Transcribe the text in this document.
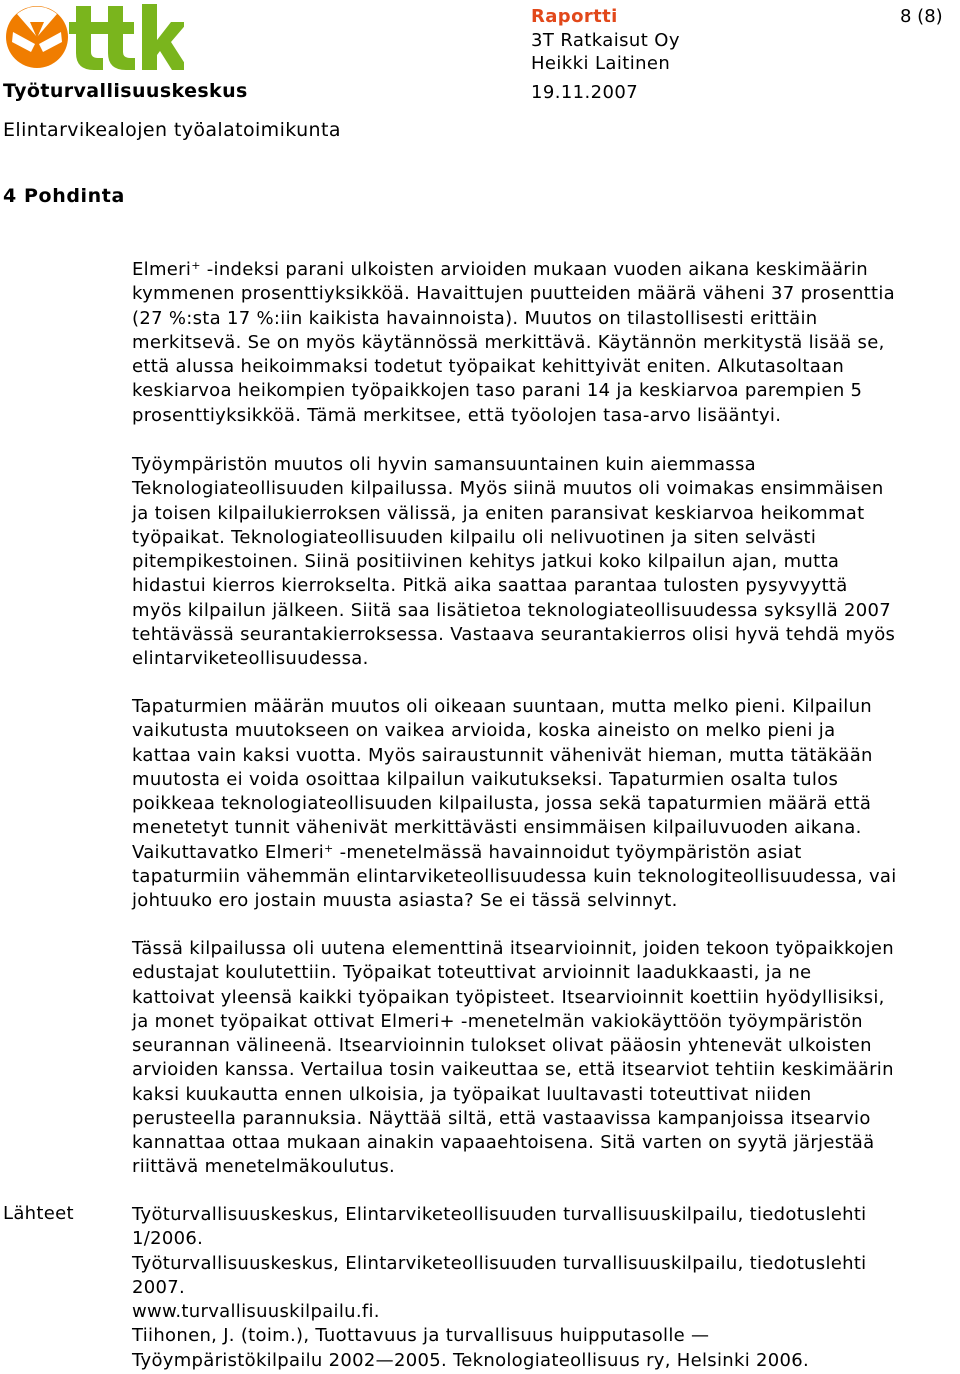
Työturvallisuuskeskus
Elintarvikealojen työalatoimikunta
Raportti
3T Ratkaisut Oy
Heikki Laitinen
19.11.2007
8 (8)
4 Pohdinta
Elmeri+ -indeksi parani ulkoisten arvioiden mukaan vuoden aikana keskimäärin
kymmenen prosenttiyksikköä. Havaittujen puutteiden määrä väheni 37 prosenttia
(27 %:sta 17 %:iin kaikista havainnoista). Muutos on tilastollisesti erittäin
merkitsevä. Se on myös käytännössä merkittävä. Käytännön merkitystä lisää se,
että alussa heikoimmaksi todetut työpaikat kehittyivät eniten. Alkutasoltaan
keskiarvoa heikompien työpaikkojen taso parani 14 ja keskiarvoa parempien 5
prosenttiyksikköä. Tämä merkitsee, että työolojen tasa-arvo lisääntyi.
Työympäristön muutos oli hyvin samansuuntainen kuin aiemmassa
Teknologiateollisuuden kilpailussa. Myös siinä muutos oli voimakas ensimmäisen
ja toisen kilpailukierroksen välissä, ja eniten paransivat keskiarvoa heikommat
työpaikat. Teknologiateollisuuden kilpailu oli nelivuotinen ja siten selvästi
pitempikestoinen. Siinä positiivinen kehitys jatkui koko kilpailun ajan, mutta
hidastui kierros kierrokselta. Pitkä aika saattaa parantaa tulosten pysyvyyttä
myös kilpailun jälkeen. Siitä saa lisätietoa teknologiateollisuudessa syksyllä 2007
tehtävässä seurantakierroksessa. Vastaava seurantakierros olisi hyvä tehdä myös
elintarviketeollisuudessa.
Tapaturmien määrän muutos oli oikeaan suuntaan, mutta melko pieni. Kilpailun
vaikutusta muutokseen on vaikea arvioida, koska aineisto on melko pieni ja
kattaa vain kaksi vuotta. Myös sairaustunnit vähenivät hieman, mutta tätäkään
muutosta ei voida osoittaa kilpailun vaikutukseksi. Tapaturmien osalta tulos
poikkeaa teknologiateollisuuden kilpailusta, jossa sekä tapaturmien määrä että
menetetyt tunnit vähenivät merkittävästi ensimmäisen kilpailuvuoden aikana.
Vaikuttavatko Elmeri+ -menetelmässä havainnoidut työympäristön asiat
tapaturmiin vähemmän elintarviketeollisuudessa kuin teknologiteollisuudessa, vai
johtuuko ero jostain muusta asiasta? Se ei tässä selvinnyt.
Tässä kilpailussa oli uutena elementtinä itsearvioinnit, joiden tekoon työpaikkojen
edustajat koulutettiin. Työpaikat toteuttivat arvioinnit laadukkaasti, ja ne
kattoivat yleensä kaikki työpaikan työpisteet. Itsearvioinnit koettiin hyödyllisiksi,
ja monet työpaikat ottivat Elmeri+ -menetelmän vakiokäyttöön työympäristön
seurannan välineenä. Itsearvioinnin tulokset olivat pääosin yhtenevät ulkoisten
arvioiden kanssa. Vertailua tosin vaikeuttaa se, että itsearviot tehtiin keskimäärin
kaksi kuukautta ennen ulkoisia, ja työpaikat luultavasti toteuttivat niiden
perusteella parannuksia. Näyttää siltä, että vastaavissa kampanjoissa itsearvio
kannattaa ottaa mukaan ainakin vapaaehtoisena. Sitä varten on syytä järjestää
riittävä menetelmäkoulutus.
Lähteet	Työturvallisuuskeskus, Elintarviketeollisuuden turvallisuuskilpailu, tiedotuslehti
1/2006.
Työturvallisuuskeskus, Elintarviketeollisuuden turvallisuuskilpailu, tiedotuslehti
2007.
www.turvallisuuskilpailu.fi.
Tiihonen, J. (toim.), Tuottavuus ja turvallisuus huipputasolle —
Työympäristökilpailu 2002—2005. Teknologiateollisuus ry, Helsinki 2006.
